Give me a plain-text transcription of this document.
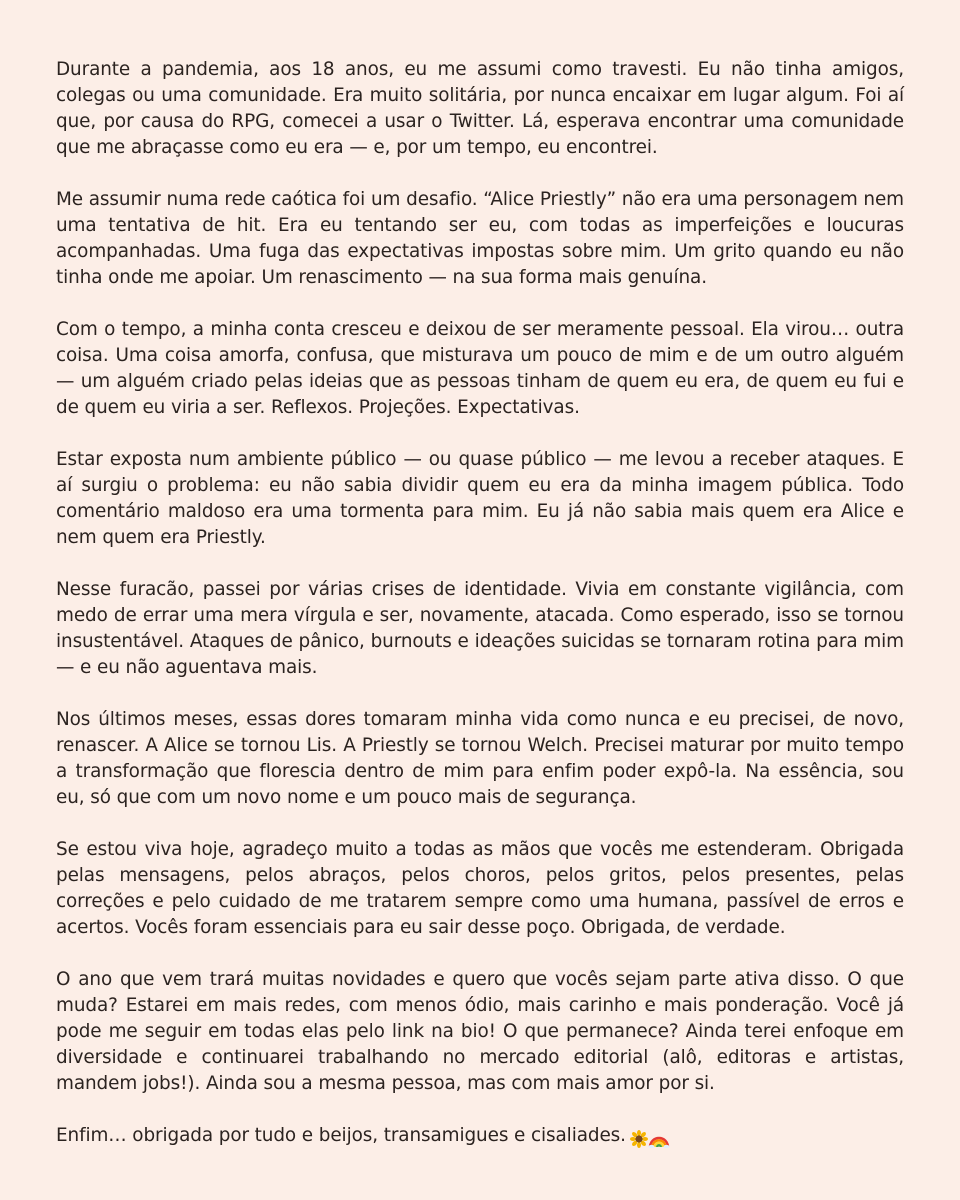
Durante a pandemia, aos 18 anos, eu me assumi como travesti. Eu não tinha amigos, colegas ou uma comunidade. Era muito solitária, por nunca encaixar em lugar algum. Foi aí que, por causa do RPG, comecei a usar o Twitter. Lá, esperava encontrar uma comunidade que me abraçasse como eu era — e, por um tempo, eu encontrei.

Me assumir numa rede caótica foi um desafio. “Alice Priestly” não era uma personagem nem uma tentativa de hit. Era eu tentando ser eu, com todas as imperfeições e loucuras acompanhadas. Uma fuga das expectativas impostas sobre mim. Um grito quando eu não tinha onde me apoiar. Um renascimento — na sua forma mais genuína.

Com o tempo, a minha conta cresceu e deixou de ser meramente pessoal. Ela virou… outra coisa. Uma coisa amorfa, confusa, que misturava um pouco de mim e de um outro alguém — um alguém criado pelas ideias que as pessoas tinham de quem eu era, de quem eu fui e de quem eu viria a ser. Reflexos. Projeções. Expectativas.

Estar exposta num ambiente público — ou quase público — me levou a receber ataques. E aí surgiu o problema: eu não sabia dividir quem eu era da minha imagem pública. Todo comentário maldoso era uma tormenta para mim. Eu já não sabia mais quem era Alice e nem quem era Priestly.

Nesse furacão, passei por várias crises de identidade. Vivia em constante vigilância, com medo de errar uma mera vírgula e ser, novamente, atacada. Como esperado, isso se tornou insustentável. Ataques de pânico, burnouts e ideações suicidas se tornaram rotina para mim — e eu não aguentava mais.

Nos últimos meses, essas dores tomaram minha vida como nunca e eu precisei, de novo, renascer. A Alice se tornou Lis. A Priestly se tornou Welch. Precisei maturar por muito tempo a transformação que florescia dentro de mim para enfim poder expô-la. Na essência, sou eu, só que com um novo nome e um pouco mais de segurança.

Se estou viva hoje, agradeço muito a todas as mãos que vocês me estenderam. Obrigada pelas mensagens, pelos abraços, pelos choros, pelos gritos, pelos presentes, pelas correções e pelo cuidado de me tratarem sempre como uma humana, passível de erros e acertos. Vocês foram essenciais para eu sair desse poço. Obrigada, de verdade.

O ano que vem trará muitas novidades e quero que vocês sejam parte ativa disso. O que muda? Estarei em mais redes, com menos ódio, mais carinho e mais ponderação. Você já pode me seguir em todas elas pelo link na bio! O que permanece? Ainda terei enfoque em diversidade e continuarei trabalhando no mercado editorial (alô, editoras e artistas, mandem jobs!). Ainda sou a mesma pessoa, mas com mais amor por si.

Enfim… obrigada por tudo e beijos, transamigues e cisaliades.
